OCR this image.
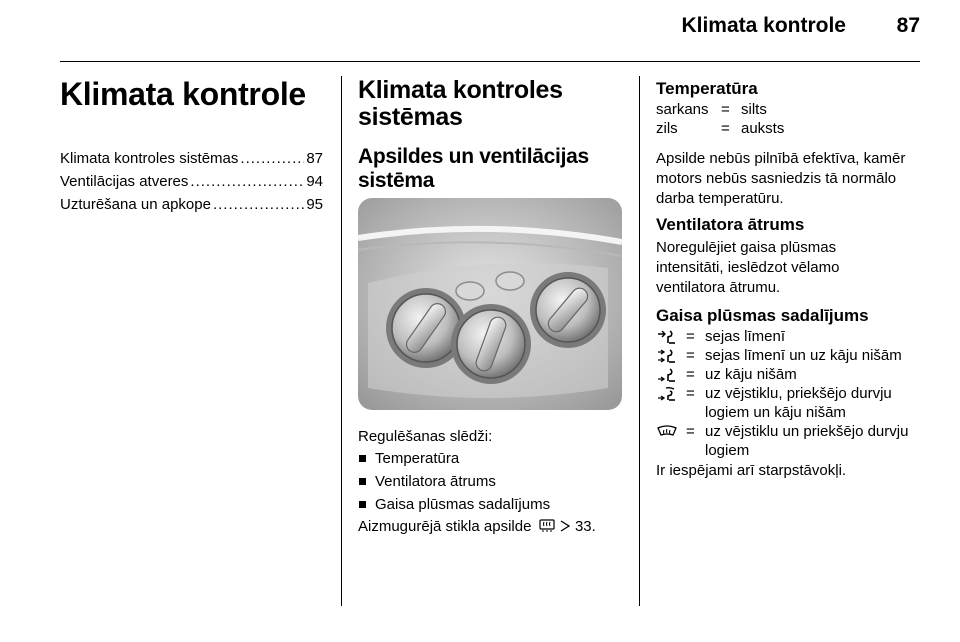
Klimata kontrole	87
Klimata kontrole
Klimata kontroles sistēmas .....	87
Ventilācijas atveres .....	94
Uzturēšana un apkope .....	95
Klimata kontroles sistēmas
Apsildes un ventilācijas sistēma
Regulēšanas slēdži:
Temperatūra
Ventilatora ātrums
Gaisa plūsmas sadalījums
Aizmugurējā stikla apsilde	33.
Temperatūra
sarkans = silts
zils	= auksts
Apsilde nebūs pilnībā efektīva, kamēr motors nebūs sasniedzis tā normālo darba temperatūru.
Ventilatora ātrums
Noregulējiet gaisa plūsmas intensitāti, ieslēdzot vēlamo ventilatora ātrumu.
Gaisa plūsmas sadalījums
= sejas līmenī
= sejas līmenī un uz kāju nišām
= uz kāju nišām
= uz vējstiklu, priekšējo durvju logiem un kāju nišām
= uz vējstiklu un priekšējo durvju logiem
Ir iespējami arī starpstāvokļi.
